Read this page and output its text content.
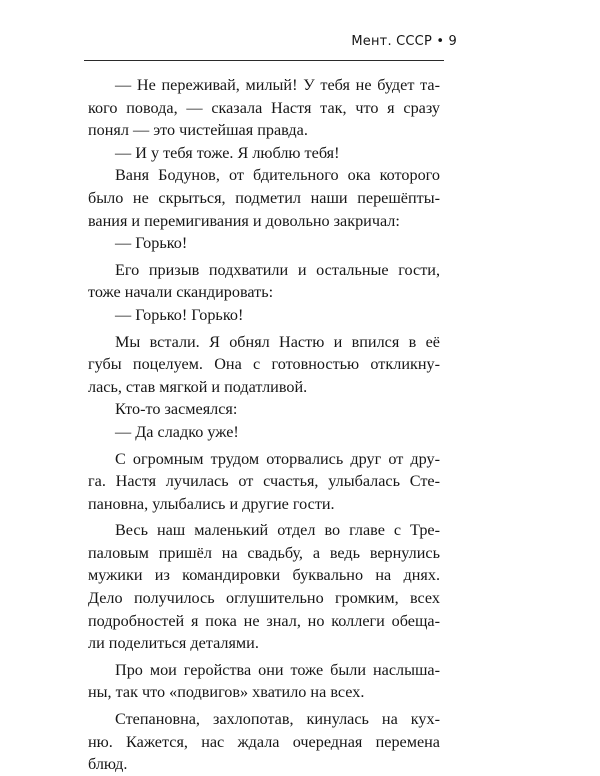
Мент. СССР • 9
— Не переживай, милый! У тебя не будет та-
кого повода, — сказала Настя так, что я сразу
понял — это чистейшая правда.
— И у тебя тоже. Я люблю тебя!
Ваня Бодунов, от бдительного ока которого
было не скрыться, подметил наши перешёпты-
вания и перемигивания и довольно закричал:
— Горько!
Его призыв подхватили и остальные гости,
тоже начали скандировать:
— Горько! Горько!
Мы встали. Я обнял Настю и впился в её
губы поцелуем. Она с готовностью откликну-
лась, став мягкой и податливой.
Кто-то засмеялся:
— Да сладко уже!
С огромным трудом оторвались друг от дру-
га. Настя лучилась от счастья, улыбалась Сте-
пановна, улыбались и другие гости.
Весь наш маленький отдел во главе с Тре-
паловым пришёл на свадьбу, а ведь вернулись
мужики из командировки буквально на днях.
Дело получилось оглушительно громким, всех
подробностей я пока не знал, но коллеги обеща-
ли поделиться деталями.
Про мои геройства они тоже были наслыша-
ны, так что «подвигов» хватило на всех.
Степановна, захлопотав, кинулась на кух-
ню. Кажется, нас ждала очередная перемена
блюд.
